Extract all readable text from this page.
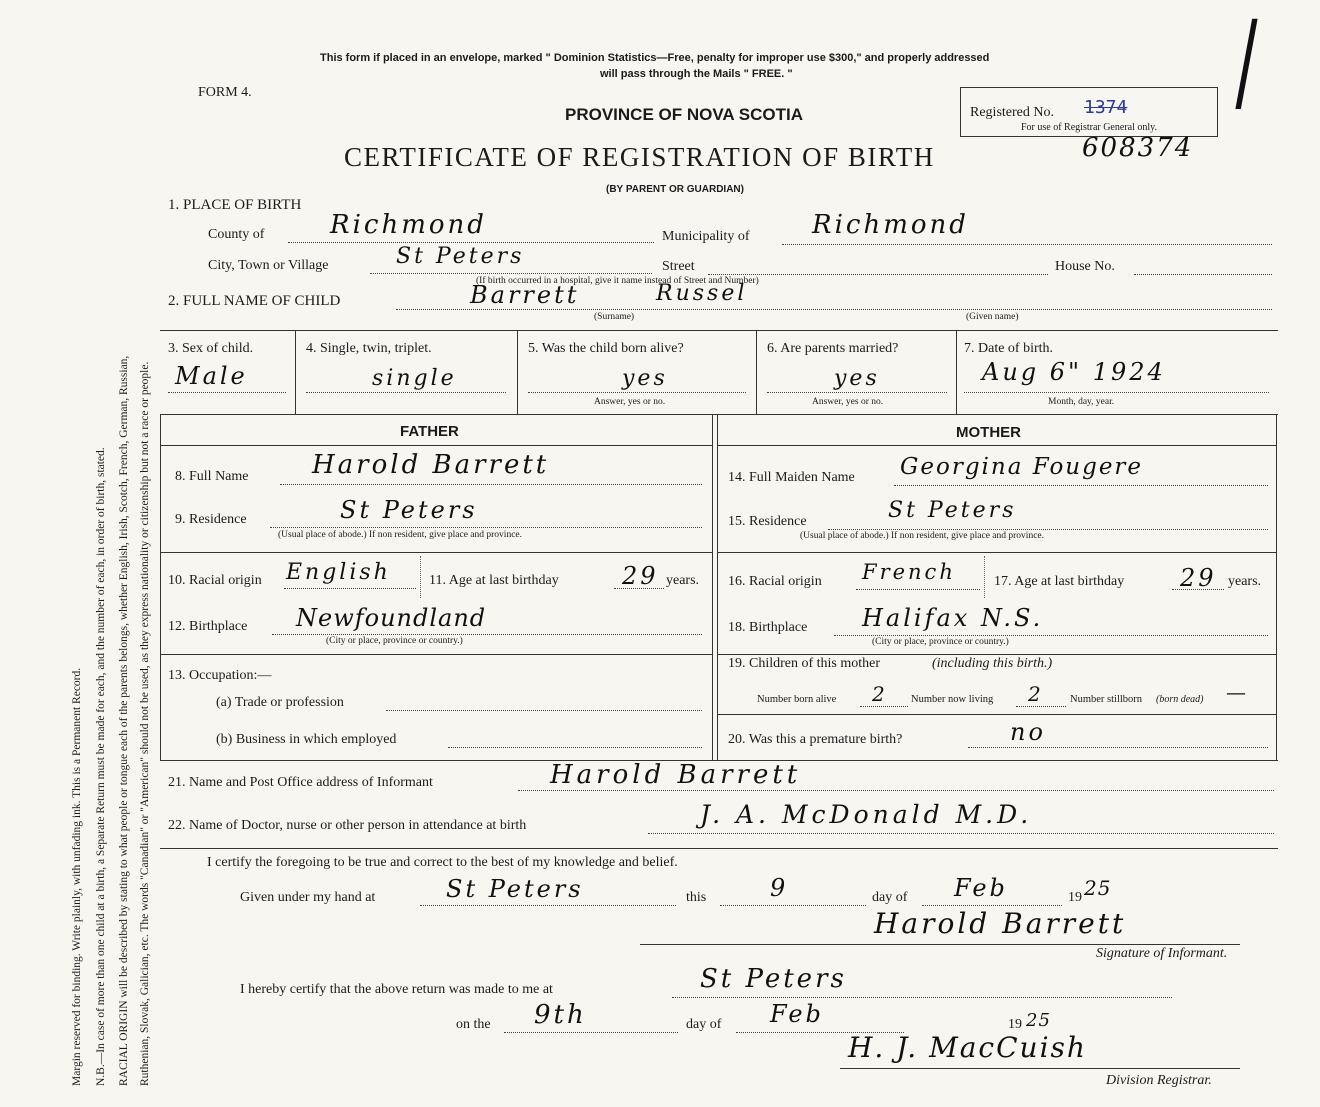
Margin reserved for binding. Write plainly, with unfading ink. This is a Permanent Record. N.B.—In case of more than one child at a birth, a Separate Return must be made for each, and the number of each, in order of birth, stated. RACIAL ORIGIN will be described by stating to what people or tongue each of the parents belongs, whether English, Irish, Scotch, French, German, Russian, Ruthenian, Slovak, Galician, etc. The words "Canadian" or "American" should not be used, as they express nationality or citizenship but not a race or people.
This form if placed in an envelope, marked " Dominion Statistics—Free, penalty for improper use $300," and properly addressed
will pass through the Mails " FREE. "
FORM 4.
PROVINCE OF NOVA SCOTIA
CERTIFICATE OF REGISTRATION OF BIRTH
(BY PARENT OR GUARDIAN)
Registered No. 1374
For use of Registrar General only.
608374
/
1. PLACE OF BIRTH
County of	Richmond	Municipality of Richmond
City, Town or Village	St Peters	Street	House No.
(If birth occurred in a hospital, give it name instead of Street and Number)
2. FULL NAME OF CHILD	Barrett	Russel
(Surname)	(Given name)
3. Sex of child.
Male
4. Single, twin, triplet.
single
5. Was the child born alive?
yes
Answer, yes or no.
6. Are parents married?
yes
Answer, yes or no.
7. Date of birth.
Aug 6" 1924
Month, day, year.
FATHER	MOTHER
8. Full Name Harold Barrett
9. Residence	St Peters
(Usual place of abode.) If non resident, give place and province.
10. Racial origin English	11. Age at last birthday	29 years.
12. Birthplace Newfoundland
(City or place, province or country.)
13. Occupation:—
(a) Trade or profession
(b) Business in which employed
14. Full Maiden Name Georgina Fougere
15. Residence	St Peters
(Usual place of abode.) If non resident, give place and province.
16. Racial origin French	17. Age at last birthday 29 years.
18. Birthplace Halifax N.S.
(City or place, province or country.)
19. Children of this mother	(including this birth.)
Number born alive 2 Number now living 2	Number stillborn (born dead) —
20. Was this a premature birth?	no
21. Name and Post Office address of Informant	Harold Barrett
22. Name of Doctor, nurse or other person in attendance at birth	J. A. McDonald M.D.
I certify the foregoing to be true and correct to the best of my knowledge and belief.
Given under my hand at	St Peters	this	9	day of Feb	19 25
Harold Barrett
Signature of Informant.
I hereby certify that the above return was made to me at	St Peters
on the 9th	day of Feb	19 25
H. J. MacCuish
Division Registrar.
